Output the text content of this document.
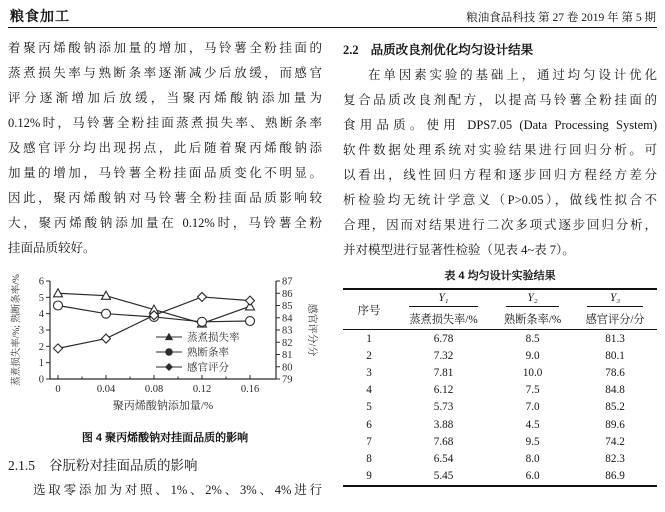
粮食加工	粮油食品科技 第 27 卷 2019 年 第 5 期
着聚丙烯酸钠添加量的增加，马铃薯全粉挂面的
蒸煮损失率与熟断条率逐渐减少后放缓，而感官
评分逐渐增加后放缓，当聚丙烯酸钠添加量为
0.12%时，马铃薯全粉挂面蒸煮损失率、熟断条率
及感官评分均出现拐点，此后随着聚丙烯酸钠添
加量的增加，马铃薯全粉挂面品质变化不明显。
因此，聚丙烯酸钠对马铃薯全粉挂面品质影响较
大，聚丙烯酸钠添加量在 0.12%时，马铃薯全粉
挂面品质较好。
0
1
2
3
4
5
6
79
80
81
82
83
84
85
86
87
0	0.04	0.08	0.12	0.16
聚丙烯酸钠添加量/%
蒸煮损失率/%; 熟断条率/%	感官评分/分
蒸煮损失率
熟断条率
感官评分
图 4 聚丙烯酸钠对挂面品质的影响
2.1.5 谷朊粉对挂面品质的影响
选取零添加为对照、1%、2%、3%、4%进行
2.2 品质改良剂优化均匀设计结果
在单因素实验的基础上，通过均匀设计优化
复合品质改良剂配方，以提高马铃薯全粉挂面的
食用品质。使用 DPS7.05 (Data Processing System)
软件数据处理系统对实验结果进行回归分析。可
以看出，线性回归方程和逐步回归方程经方差分
析检验均无统计学意义（P>0.05），做线性拟合不
合理，因而对结果进行二次多项式逐步回归分析，
并对模型进行显著性检验（见表 4~表 7）。
表 4 均匀设计实验结果
序号	Y₁	Y₂	Y₃

	蒸煮损失率/%	熟断条率/%	感官评分/分
1	6.78	8.5	81.3
2	7.32	9.0	80.1
3	7.81	10.0	78.6
4	6.12	7.5	84.8
5	5.73	7.0	85.2
6	3.88	4.5	89.6
7	7.68	9.5	74.2
8	6.54	8.0	82.3
9	5.45	6.0	86.9
